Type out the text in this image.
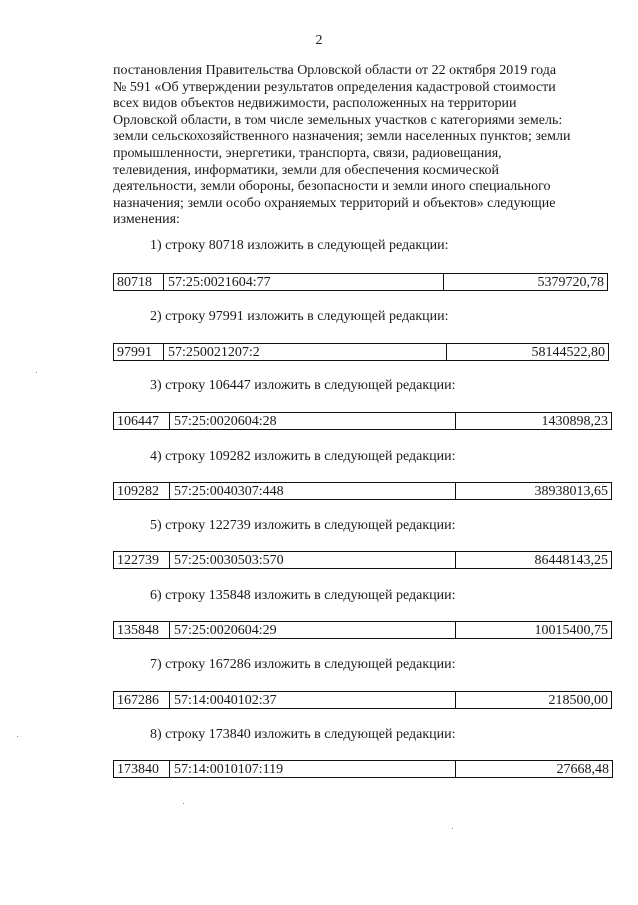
2
постановления Правительства Орловской области от 22 октября 2019 года
№ 591 «Об утверждении результатов определения кадастровой стоимости
всех видов объектов недвижимости, расположенных на территории
Орловской области, в том числе земельных участков с категориями земель:
земли сельскохозяйственного назначения; земли населенных пунктов; земли
промышленности, энергетики, транспорта, связи, радиовещания,
телевидения, информатики, земли для обеспечения космической
деятельности, земли обороны, безопасности и земли иного специального
назначения; земли особо охраняемых территорий и объектов» следующие
изменения:
1) строку 80718 изложить в следующей редакции:
80718	57:25:0021604:77	5379720,78
2) строку 97991 изложить в следующей редакции:
97991	57:250021207:2	58144522,80
3) строку 106447 изложить в следующей редакции:
106447	57:25:0020604:28	1430898,23
4) строку 109282 изложить в следующей редакции:
109282	57:25:0040307:448	38938013,65
5) строку 122739 изложить в следующей редакции:
122739	57:25:0030503:570	86448143,25
6) строку 135848 изложить в следующей редакции:
135848	57:25:0020604:29	10015400,75
7) строку 167286 изложить в следующей редакции:
167286	57:14:0040102:37	218500,00
8) строку 173840 изложить в следующей редакции:
173840	57:14:0010107:119	27668,48
